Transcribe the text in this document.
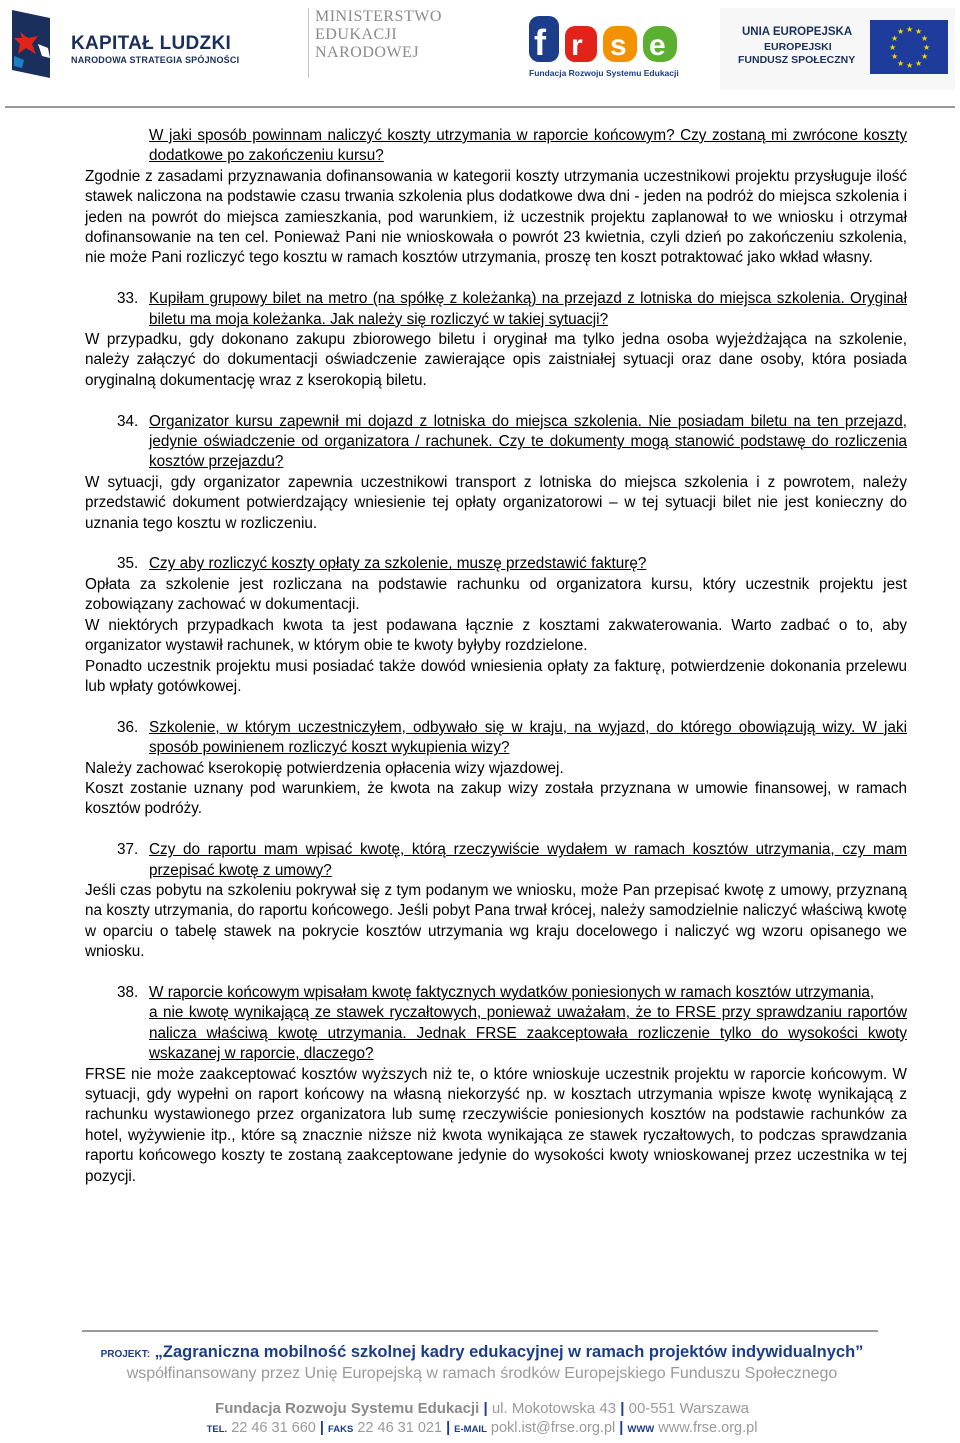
KAPITAŁ LUDZKI
NARODOWA STRATEGIA SPÓJNOŚCI
MINISTERSTWO
EDUKACJI
NARODOWEJ	f r s e
Fundacja Rozwoju Systemu Edukacji
UNIA EUROPEJSKA
EUROPEJSKI
FUNDUSZ SPOŁECZNY
★ ★
★
★
★
★
★
★
★
★
★
★
W jaki sposób powinnam naliczyć koszty utrzymania w raporcie końcowym? Czy zostaną mi zwrócone koszty dodatkowe po zakończeniu kursu?
Zgodnie z zasadami przyznawania dofinansowania w kategorii koszty utrzymania uczestnikowi projektu przysługuje ilość stawek naliczona na podstawie czasu trwania szkolenia plus dodatkowe dwa dni - jeden na podróż do miejsca szkolenia i jeden na powrót do miejsca zamieszkania, pod warunkiem, iż uczestnik projektu zaplanował to we wniosku i otrzymał dofinansowanie na ten cel. Ponieważ Pani nie wnioskowała o powrót 23 kwietnia, czyli dzień po zakończeniu szkolenia, nie może Pani rozliczyć tego kosztu w ramach kosztów utrzymania, proszę ten koszt potraktować jako wkład własny.
33. Kupiłam grupowy bilet na metro (na spółkę z koleżanką) na przejazd z lotniska do miejsca szkolenia. Oryginał biletu ma moja koleżanka. Jak należy się rozliczyć w takiej sytuacji?
W przypadku, gdy dokonano zakupu zbiorowego biletu i oryginał ma tylko jedna osoba wyjeżdżająca na szkolenie, należy załączyć do dokumentacji oświadczenie zawierające opis zaistniałej sytuacji oraz dane osoby, która posiada oryginalną dokumentację wraz z kserokopią biletu.
34. Organizator kursu zapewnił mi dojazd z lotniska do miejsca szkolenia. Nie posiadam biletu na ten przejazd, jedynie oświadczenie od organizatora / rachunek. Czy te dokumenty mogą stanowić podstawę do rozliczenia kosztów przejazdu?
W sytuacji, gdy organizator zapewnia uczestnikowi transport z lotniska do miejsca szkolenia i z powrotem, należy przedstawić dokument potwierdzający wniesienie tej opłaty organizatorowi – w tej sytuacji bilet nie jest konieczny do uznania tego kosztu w rozliczeniu.
35. Czy aby rozliczyć koszty opłaty za szkolenie, muszę przedstawić fakturę?
Opłata za szkolenie jest rozliczana na podstawie rachunku od organizatora kursu, który uczestnik projektu jest zobowiązany zachować w dokumentacji.
W niektórych przypadkach kwota ta jest podawana łącznie z kosztami zakwaterowania. Warto zadbać o to, aby organizator wystawił rachunek, w którym obie te kwoty byłyby rozdzielone.
Ponadto uczestnik projektu musi posiadać także dowód wniesienia opłaty za fakturę, potwierdzenie dokonania przelewu lub wpłaty gotówkowej.
36. Szkolenie, w którym uczestniczyłem, odbywało się w kraju, na wyjazd, do którego obowiązują wizy. W jaki sposób powinienem rozliczyć koszt wykupienia wizy?
Należy zachować kserokopię potwierdzenia opłacenia wizy wjazdowej.
Koszt zostanie uznany pod warunkiem, że kwota na zakup wizy została przyznana w umowie finansowej, w ramach kosztów podróży.
37. Czy do raportu mam wpisać kwotę, którą rzeczywiście wydałem w ramach kosztów utrzymania, czy mam przepisać kwotę z umowy?
Jeśli czas pobytu na szkoleniu pokrywał się z tym podanym we wniosku, może Pan przepisać kwotę z umowy, przyznaną na koszty utrzymania, do raportu końcowego. Jeśli pobyt Pana trwał krócej, należy samodzielnie naliczyć właściwą kwotę w oparciu o tabelę stawek na pokrycie kosztów utrzymania wg kraju docelowego i naliczyć wg wzoru opisanego we wniosku.
38. W raporcie końcowym wpisałam kwotę faktycznych wydatków poniesionych w ramach kosztów utrzymania,
a nie kwotę wynikającą ze stawek ryczałtowych, ponieważ uważałam, że to FRSE przy sprawdzaniu raportów nalicza właściwą kwotę utrzymania. Jednak FRSE zaakceptowała rozliczenie tylko do wysokości kwoty wskazanej w raporcie, dlaczego?
FRSE nie może zaakceptować kosztów wyższych niż te, o które wnioskuje uczestnik projektu w raporcie końcowym. W sytuacji, gdy wypełni on raport końcowy na własną niekorzyść np. w kosztach utrzymania wpisze kwotę wynikającą z rachunku wystawionego przez organizatora lub sumę rzeczywiście poniesionych kosztów na podstawie rachunków za hotel, wyżywienie itp., które są znacznie niższe niż kwota wynikająca ze stawek ryczałtowych, to podczas sprawdzania raportu końcowego koszty te zostaną zaakceptowane jedynie do wysokości kwoty wnioskowanej przez uczestnika w tej pozycji.
PROJEKT: „Zagraniczna mobilność szkolnej kadry edukacyjnej w ramach projektów indywidualnych”
współfinansowany przez Unię Europejską w ramach środków Europejskiego Funduszu Społecznego
Fundacja Rozwoju Systemu Edukacji | ul. Mokotowska 43 | 00-551 Warszawa
TEL. 22 46 31 660 | FAKS 22 46 31 021 | E-MAIL pokl.ist@frse.org.pl | WWW www.frse.org.pl
